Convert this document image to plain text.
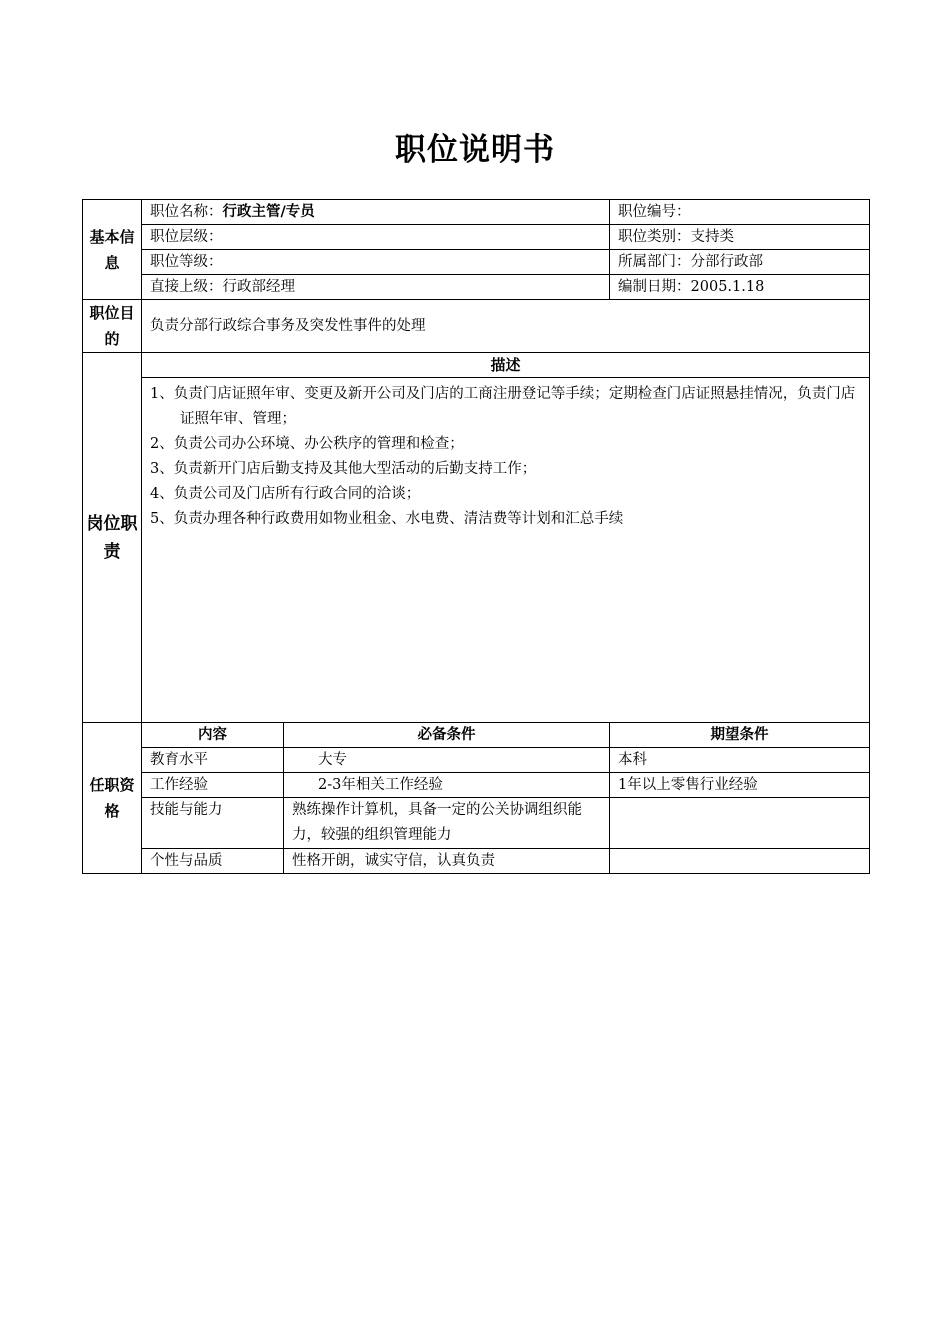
职位说明书
基本信息	职位名称：行政主管/专员		职位编号：
	职位层级：		职位类别：支持类
	职位等级：		所属部门：分部行政部
	直接上级：行政部经理		编制日期：2005.1.18
职位目的	负责分部行政综合事务及突发性事件的处理		
岗位职责	描述		

	1、负责门店证照年审、变更及新开公司及门店的工商注册登记等手续；定期检查门店证照悬挂情况，负责门店证照年审、管理；
2、负责公司办公环境、办公秩序的管理和检查；
3、负责新开门店后勤支持及其他大型活动的后勤支持工作；
4、负责公司及门店所有行政合同的洽谈；
5、负责办理各种行政费用如物业租金、水电费、清洁费等计划和汇总手续		

任职资格	内容	必备条件	期望条件
	教育水平	大专	本科
	工作经验	2-3年相关工作经验	1年以上零售行业经验
	技能与能力	熟练操作计算机，具备一定的公关协调组织能力，较强的组织管理能力	
	个性与品质	性格开朗，诚实守信，认真负责	
